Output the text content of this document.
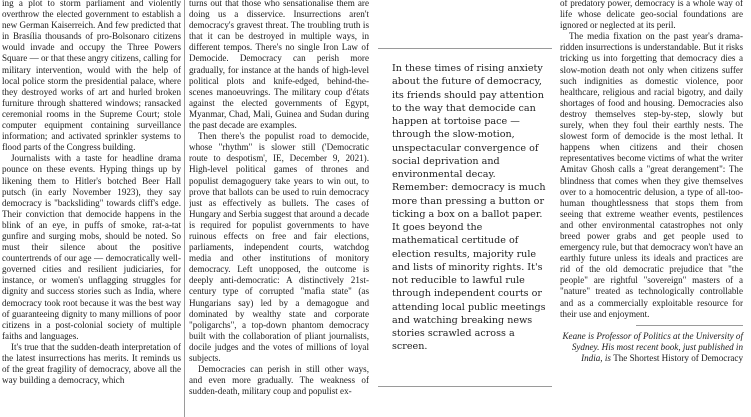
ing a plot to storm parliament and violently overthrow the elected government to establish a new German Kaiserreich. And few predicted that in Brasília thousands of pro-Bolsonaro citizens would invade and occupy the Three Powers Square — or that these angry citizens, calling for military intervention, would with the help of local police storm the presidential palace, where they destroyed works of art and hurled broken furniture through shattered windows; ransacked ceremonial rooms in the Supreme Court; stole computer equipment containing surveillance information; and activated sprinkler systems to flood parts of the Congress building.

Journalists with a taste for headline drama pounce on these events. Hyping things up by likening them to Hitler's botched Beer Hall putsch (in early November 1923), they say democracy is "backsliding" towards cliff's edge. Their conviction that democide happens in the blink of an eye, in puffs of smoke, rat-a-tat gunfire and surging mobs, should be noted. So must their silence about the positive countertrends of our age — democratically well-governed cities and resilient judiciaries, for instance, or women's unflagging struggles for dignity and success stories such as India, where democracy took root because it was the best way of guaranteeing dignity to many millions of poor citizens in a post-colonial society of multiple faiths and languages.

It's true that the sudden-death interpretation of the latest insurrections has merits. It reminds us of the great fragility of democracy, above all the way building a democracy, which

turns out that those who sensationalise them are doing us a disservice. Insurrections aren't democracy's gravest threat. The troubling truth is that it can be destroyed in multiple ways, in different tempos. There's no single Iron Law of Democide. Democracy can perish more gradually, for instance at the hands of high-level political plots and knife-edged, behind-the-scenes manoeuvrings. The military coup d'états against the elected governments of Egypt, Myanmar, Chad, Mali, Guinea and Sudan during the past decade are examples.

Then there's the populist road to democide, whose "rhythm" is slower still ('Democratic route to despotism', IE, December 9, 2021). High-level political games of thrones and populist demagoguery take years to win out, to prove that ballots can be used to ruin democracy just as effectively as bullets. The cases of Hungary and Serbia suggest that around a decade is required for populist governments to have ruinous effects on free and fair elections, parliaments, independent courts, watchdog media and other institutions of monitory democracy. Left unopposed, the outcome is deeply anti-democratic: A distinctively 21st-century type of corrupted "mafia state" (as Hungarians say) led by a demagogue and dominated by wealthy state and corporate "poligarchs", a top-down phantom democracy built with the collaboration of pliant journalists, docile judges and the votes of millions of loyal subjects.

Democracies can perish in still other ways, and even more gradually. The weakness of sudden-death, military coup and populist ex-

In these times of rising anxiety about the future of democracy, its friends should pay attention to the way that democide can happen at tortoise pace — through the slow-motion, unspectacular convergence of social deprivation and environmental decay. Remember: democracy is much more than pressing a button or ticking a box on a ballot paper. It goes beyond the mathematical certitude of election results, majority rule and lists of minority rights. It's not reducible to lawful rule through independent courts or attending local public meetings and watching breaking news stories scrawled across a screen.

of predatory power, democracy is a whole way of life whose delicate geo-social foundations are ignored or neglected at its peril.

The media fixation on the past year's drama-ridden insurrections is understandable. But it risks tricking us into forgetting that democracy dies a slow-motion death not only when citizens suffer such indignities as domestic violence, poor healthcare, religious and racial bigotry, and daily shortages of food and housing. Democracies also destroy themselves step-by-step, slowly but surely, when they foul their earthly nests. The slowest form of democide is the most lethal. It happens when citizens and their chosen representatives become victims of what the writer Amitav Ghosh calls a "great derangement": The blindness that comes when they give themselves over to a homocentric delusion, a type of all-too-human thoughtlessness that stops them from seeing that extreme weather events, pestilences and other environmental catastrophes not only breed power grabs and get people used to emergency rule, but that democracy won't have an earthly future unless its ideals and practices are rid of the old democratic prejudice that "the people" are rightful "sovereign" masters of a "nature" treated as technologically controllable and as a commercially exploitable resource for their use and enjoyment.

Keane is Professor of Politics at the University of Sydney. His most recent book, just published in India, is The Shortest History of Democracy
